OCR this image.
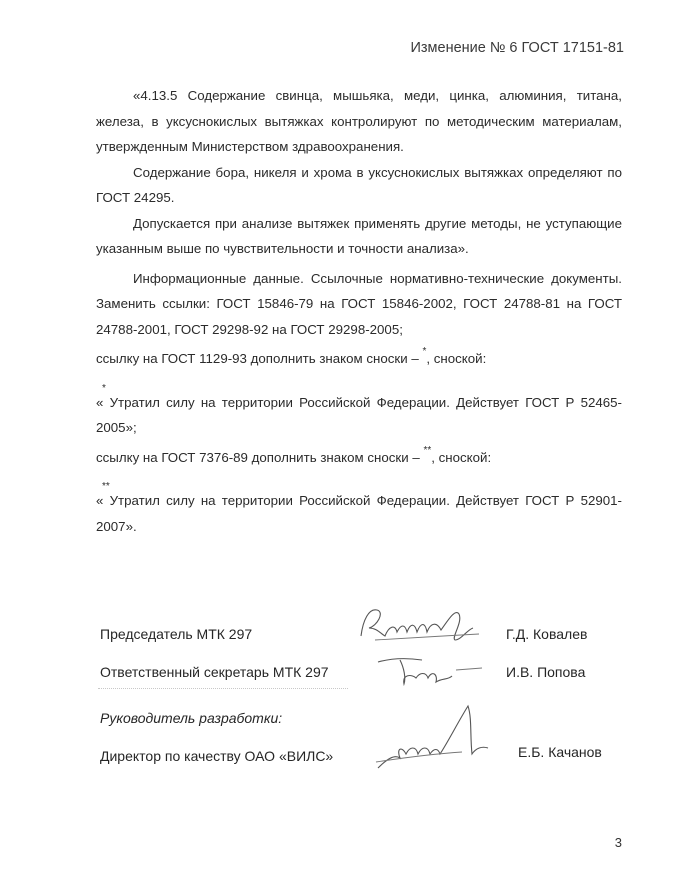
Изменение № 6 ГОСТ 17151-81

«4.13.5 Содержание свинца, мышьяка, меди, цинка, алюминия, титана, железа, в уксуснокислых вытяжках контролируют по методическим материалам, утвержденным Министерством здравоохранения.

Содержание бора, никеля и хрома в уксуснокислых вытяжках определяют по ГОСТ 24295.

Допускается при анализе вытяжек применять другие методы, не уступающие указанным выше по чувствительности и точности анализа».

Информационные данные. Ссылочные нормативно-технические документы. Заменить ссылки: ГОСТ 15846-79 на ГОСТ 15846-2002, ГОСТ 24788-81 на ГОСТ 24788-2001, ГОСТ 29298-92 на ГОСТ 29298-2005;

ссылку на ГОСТ 1129-93 дополнить знаком сноски – *, сноской:

*

« Утратил силу на территории Российской Федерации. Действует ГОСТ Р 52465-2005»;

ссылку на ГОСТ 7376-89 дополнить знаком сноски – **, сноской:

**

« Утратил силу на территории Российской Федерации. Действует ГОСТ Р 52901-2007».

Председатель МТК 297	Г.Д. Ковалев
Ответственный секретарь МТК 297	И.В. Попова
Руководитель разработки:
Директор по качеству ОАО «ВИЛС»	Е.Б. Качанов
3
